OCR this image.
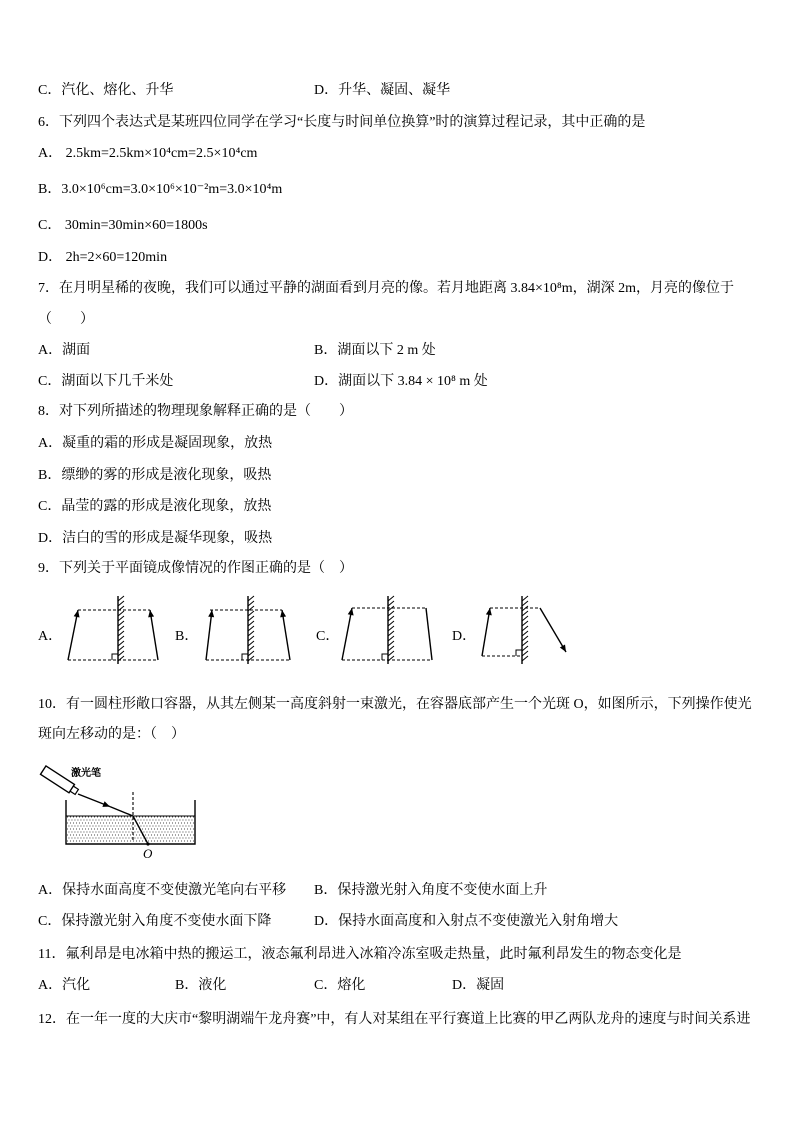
C．汽化、熔化、升华	D．升华、凝固、凝华
6．下列四个表达式是某班四位同学在学习“长度与时间单位换算”时的演算过程记录，其中正确的是
A． 2.5km=2.5km×10⁴cm=2.5×10⁴cm
B．3.0×10⁶cm=3.0×10⁶×10⁻²m=3.0×10⁴m
C． 30min=30min×60=1800s
D． 2h=2×60=120min
7．在月明星稀的夜晚，我们可以通过平静的湖面看到月亮的像。若月地距离 3.84×10⁸m，湖深 2m，月亮的像位于
（　　）
A．湖面	B．湖面以下 2 m 处
C．湖面以下几千米处	D．湖面以下 3.84 × 10⁸ m 处
8．对下列所描述的物理现象解释正确的是（　　）
A．凝重的霜的形成是凝固现象，放热
B．缥缈的雾的形成是液化现象，吸热
C．晶莹的露的形成是液化现象，放热
D．洁白的雪的形成是凝华现象，吸热
9．下列关于平面镜成像情况的作图正确的是（　）
A．	B．	C．	D．
10．有一圆柱形敞口容器，从其左侧某一高度斜射一束激光，在容器底部产生一个光斑 O，如图所示，下列操作使光
斑向左移动的是：（　）
激光笔
O
A．保持水面高度不变使激光笔向右平移 B．保持激光射入角度不变使水面上升
C．保持激光射入角度不变使水面下降	D．保持水面高度和入射点不变使激光入射角增大
11．氟利昂是电冰箱中热的搬运工，液态氟利昂进入冰箱冷冻室吸走热量，此时氟利昂发生的物态变化是
A．汽化	B．液化	C．熔化	D．凝固
12．在一年一度的大庆市“黎明湖端午龙舟赛”中，有人对某组在平行赛道上比赛的甲乙两队龙舟的速度与时间关系进
